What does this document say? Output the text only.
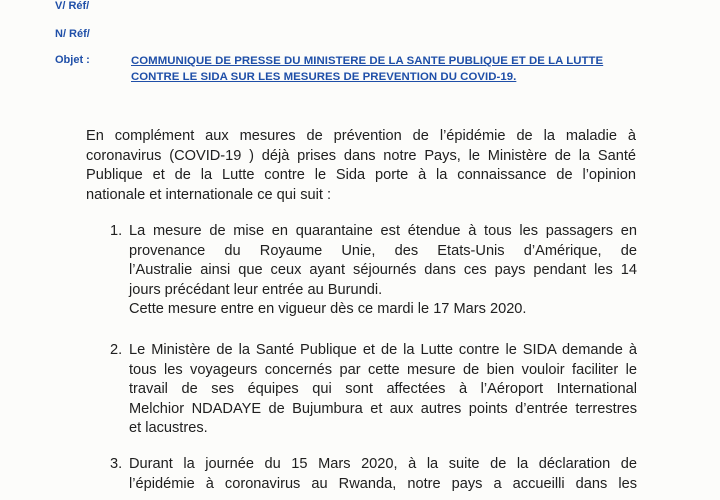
V/ Réf/
N/ Réf/
Objet :	COMMUNIQUE DE PRESSE DU MINISTERE DE LA SANTE PUBLIQUE ET DE LA LUTTE
CONTRE LE SIDA SUR LES MESURES DE PREVENTION DU COVID-19.
En complément aux mesures de prévention de l’épidémie de la maladie à
coronavirus (COVID-19 ) déjà prises dans notre Pays, le Ministère de la Santé
Publique et de la Lutte contre le Sida porte à la connaissance de l’opinion
nationale et internationale ce qui suit :
1. La mesure de mise en quarantaine est étendue à tous les passagers en
provenance du Royaume Unie, des Etats-Unis d’Amérique, de
l’Australie ainsi que ceux ayant séjournés dans ces pays pendant les 14
jours précédant leur entrée au Burundi.
Cette mesure entre en vigueur dès ce mardi le 17 Mars 2020.
2. Le Ministère de la Santé Publique et de la Lutte contre le SIDA demande à
tous les voyageurs concernés par cette mesure de bien vouloir faciliter le
travail de ses équipes qui sont affectées à l’Aéroport International
Melchior NDADAYE de Bujumbura et aux autres points d’entrée terrestres
et lacustres.
3. Durant la journée du 15 Mars 2020, à la suite de la déclaration de
l’épidémie à coronavirus au Rwanda, notre pays a accueilli dans les
